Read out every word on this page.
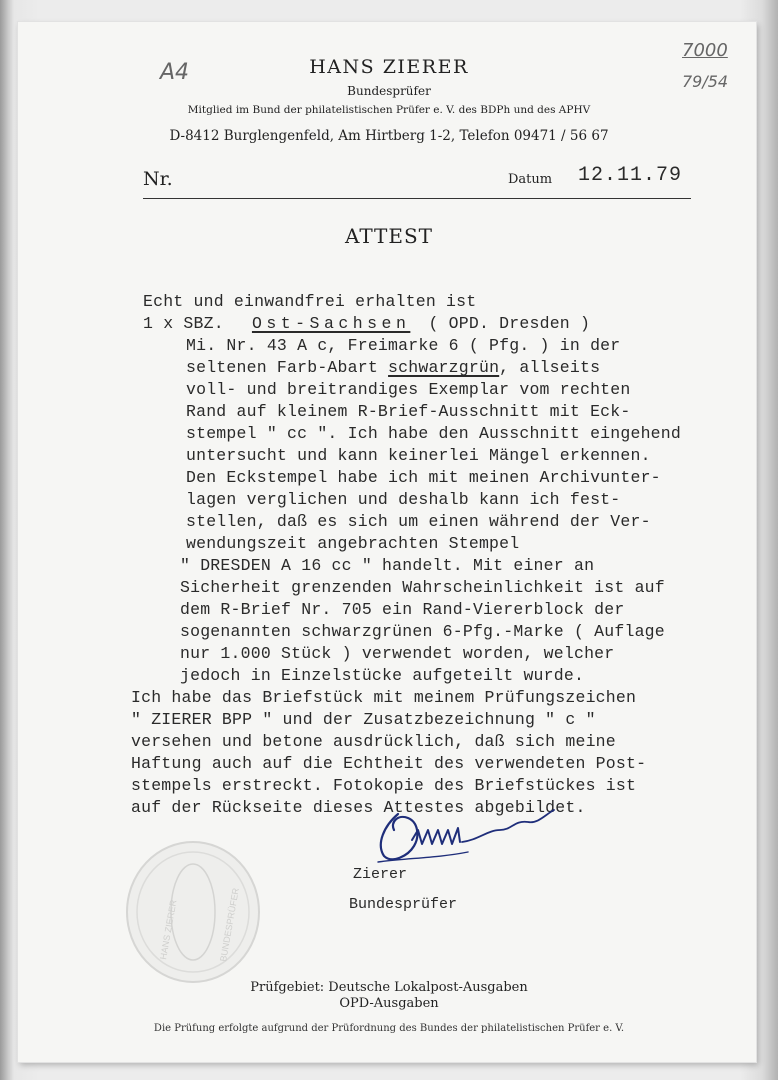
A4
7000
79/54
HANS ZIERER
Bundesprüfer
Mitglied im Bund der philatelistischen Prüfer e. V. des BDPh und des APHV
D-8412 Burglengenfeld, Am Hirtberg 1-2, Telefon 09471 / 56 67
Nr.	Datum 12.11.79
ATTEST
Echt und einwandfrei erhalten ist
1 x SBZ. Ost-Sachsen ( OPD. Dresden )
Mi. Nr. 43 A c, Freimarke 6 ( Pfg. ) in der
seltenen Farb-Abart schwarzgrün, allseits
voll- und breitrandiges Exemplar vom rechten
Rand auf kleinem R-Brief-Ausschnitt mit Eck-
stempel " cc ". Ich habe den Ausschnitt eingehend
untersucht und kann keinerlei Mängel erkennen.
Den Eckstempel habe ich mit meinen Archivunter-
lagen verglichen und deshalb kann ich fest-
stellen, daß es sich um einen während der Ver-
wendungszeit angebrachten Stempel
" DRESDEN A 16 cc " handelt. Mit einer an
Sicherheit grenzenden Wahrscheinlichkeit ist auf
dem R-Brief Nr. 705 ein Rand-Viererblock der
sogenannten schwarzgrünen 6-Pfg.-Marke ( Auflage
nur 1.000 Stück ) verwendet worden, welcher
jedoch in Einzelstücke aufgeteilt wurde.
Ich habe das Briefstück mit meinem Prüfungszeichen
" ZIERER BPP " und der Zusatzbezeichnung " c "
versehen und betone ausdrücklich, daß sich meine
Haftung auch auf die Echtheit des verwendeten Post-
stempels erstreckt. Fotokopie des Briefstückes ist
auf der Rückseite dieses Attestes abgebildet.
HANS ZIERER	BUNDESPRÜFER
Zierer
Bundesprüfer
Prüfgebiet: Deutsche Lokalpost-Ausgaben
OPD-Ausgaben
Die Prüfung erfolgte aufgrund der Prüfordnung des Bundes der philatelistischen Prüfer e. V.
